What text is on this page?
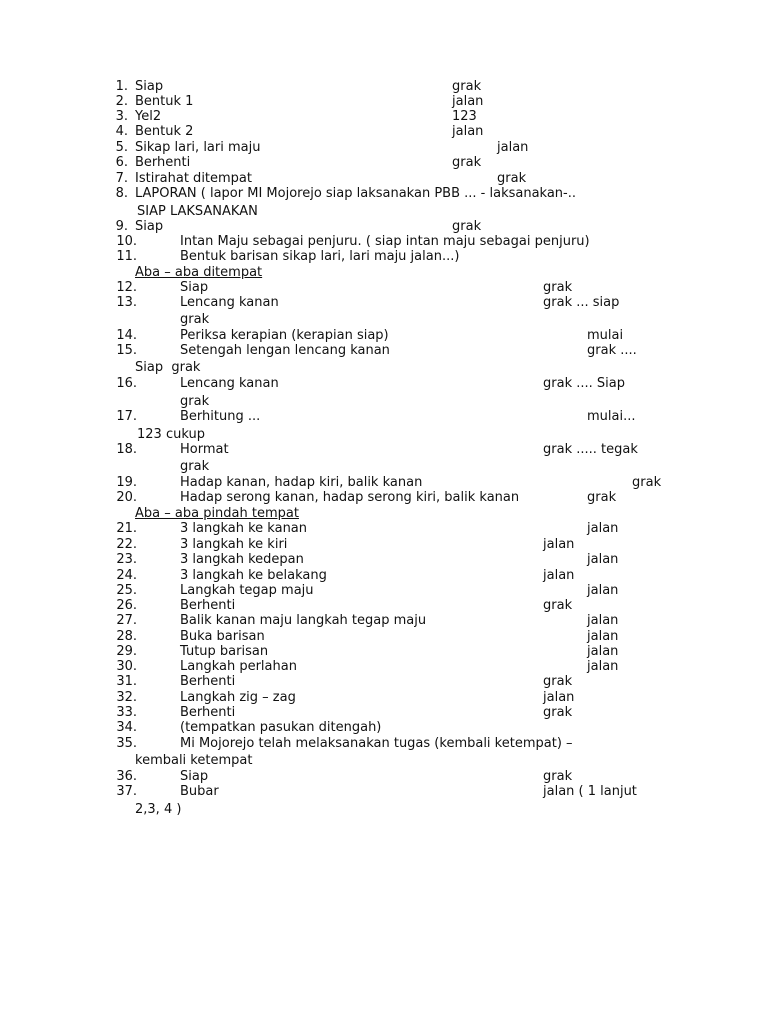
1. Siap	grak
2. Bentuk 1	jalan
3. Yel2	123
4. Bentuk 2	jalan
5. Sikap lari, lari maju	jalan
6. Berhenti	grak
7. Istirahat ditempat	grak
8. LAPORAN ( lapor MI Mojorejo siap laksanakan PBB ... - laksanakan-..
SIAP LAKSANAKAN
9. Siap	grak
10.	Intan Maju sebagai penjuru. ( siap intan maju sebagai penjuru)
11.	Bentuk barisan sikap lari, lari maju jalan...)
Aba – aba ditempat
12.	Siap	grak
13.	Lencang kanan	grak ... siap
grak
14.	Periksa kerapian (kerapian siap)	mulai
15.	Setengah lengan lencang kanan	grak ....
Siap  grak
16.	Lencang kanan	grak .... Siap
grak
17.	Berhitung ...	mulai...
123 cukup
18.	Hormat	grak ..... tegak
grak
19.	Hadap kanan, hadap kiri, balik kanan	grak
20.	Hadap serong kanan, hadap serong kiri, balik kanan	grak
Aba – aba pindah tempat
21.	3 langkah ke kanan	jalan
22.	3 langkah ke kiri	jalan
23.	3 langkah kedepan	jalan
24.	3 langkah ke belakang	jalan
25.	Langkah tegap maju	jalan
26.	Berhenti	grak
27.	Balik kanan maju langkah tegap maju	jalan
28.	Buka barisan	jalan
29.	Tutup barisan	jalan
30.	Langkah perlahan	jalan
31.	Berhenti	grak
32.	Langkah zig – zag	jalan
33.	Berhenti	grak
34.	(tempatkan pasukan ditengah)
35.	Mi Mojorejo telah melaksanakan tugas (kembali ketempat) –
kembali ketempat
36.	Siap	grak
37.	Bubar	jalan ( 1 lanjut
2,3, 4 )
